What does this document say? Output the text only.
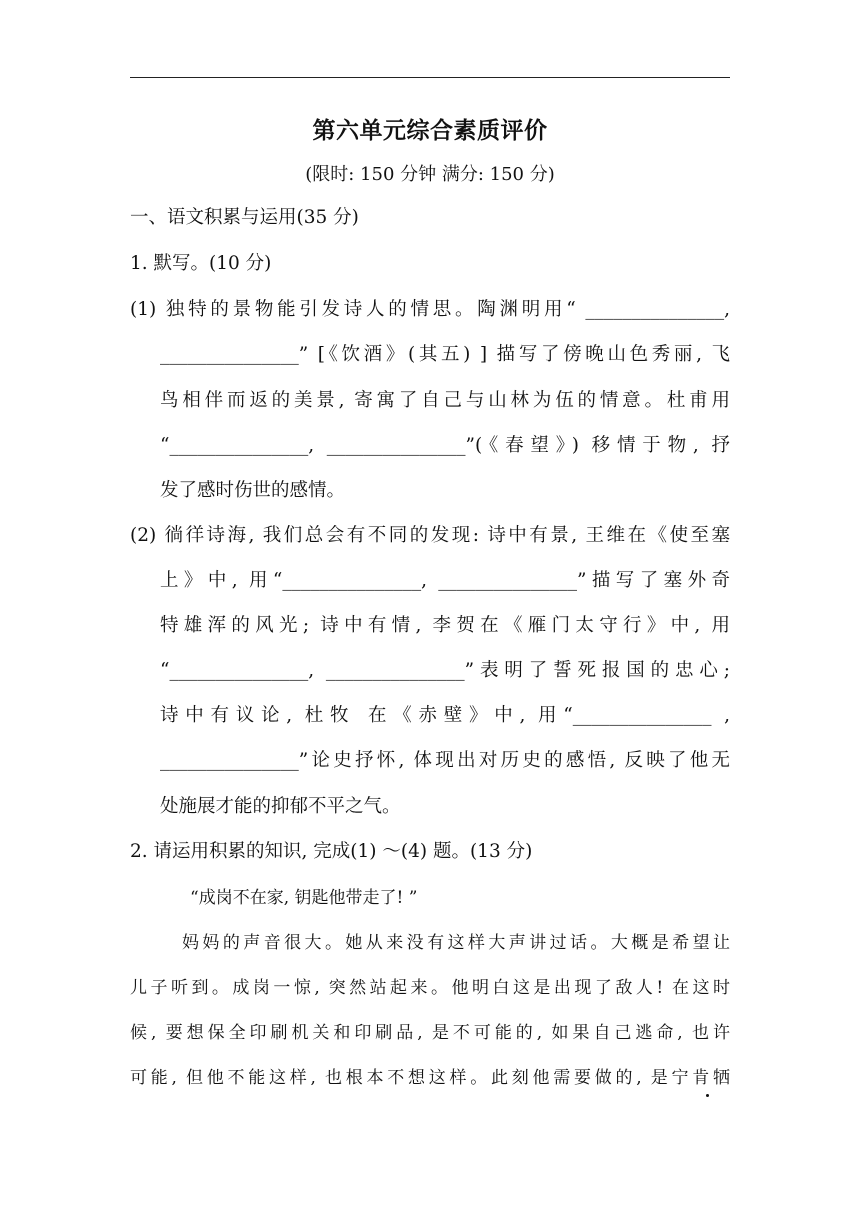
第六单元综合素质评价
(限时: 150 分钟 满分: 150 分)
一、语文积累与运用(35 分)
1. 默写。(10 分)
(1) 独特的景物能引发诗人的情思。陶渊明用“ _______________,
_______________” [《饮酒》(其五) ] 描写了傍晚山色秀丽, 飞
鸟相伴而返的美景, 寄寓了自己与山林为伍的情意。杜甫用
“_______________, _______________”(《春望》) 移情于物, 抒
发了感时伤世的感情。
(2) 徜徉诗海, 我们总会有不同的发现: 诗中有景, 王维在《使至塞
上》中, 用“_______________, _______________”描写了塞外奇
特雄浑的风光; 诗中有情, 李贺在《雁门太守行》中, 用
“_______________, _______________”表明了誓死报国的忠心;
诗中有议论, 杜牧 在《赤壁》中, 用“_______________ ,
_______________”论史抒怀, 体现出对历史的感悟, 反映了他无
处施展才能的抑郁不平之气。
2. 请运用积累的知识, 完成(1) ～(4) 题。(13 分)
“成岗不在家, 钥匙他带走了! ”
妈妈的声音很大。她从来没有这样大声讲过话。大概是希望让
儿子听到。成岗一惊, 突然站起来。他明白这是出现了敌人! 在这时
候, 要想保全印刷机关和印刷品, 是不可能的, 如果自己逃命, 也许
可能, 但他不能这样, 也根本不想这样。此刻他需要做的, 是宁肯牺
